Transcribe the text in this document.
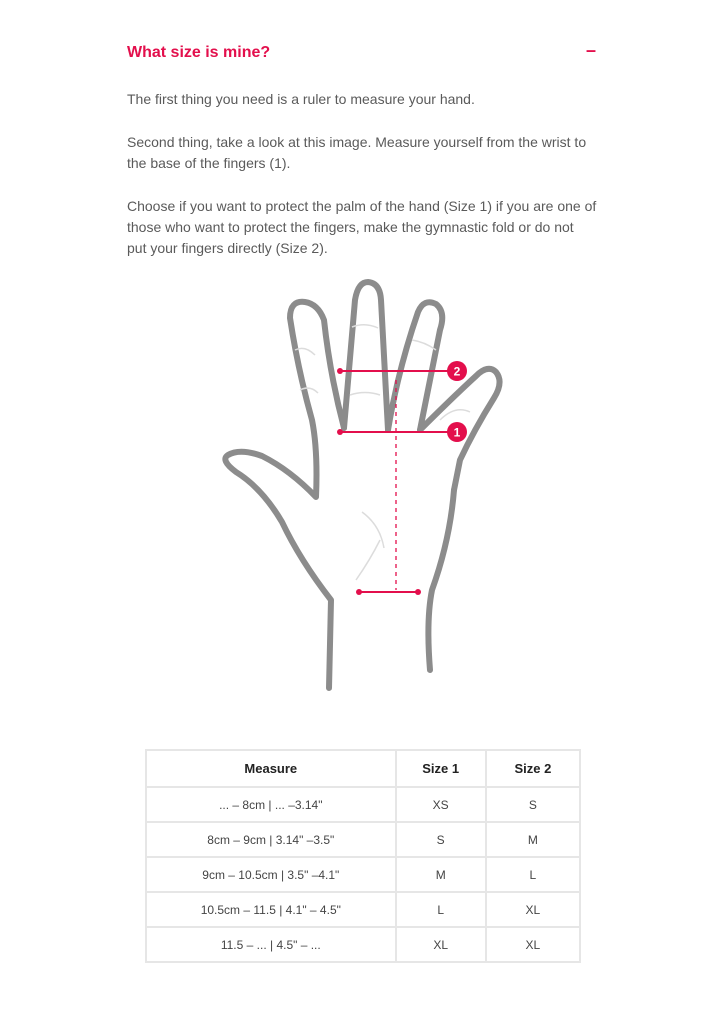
What size is mine?	–

The first thing you need is a ruler to measure your hand.

Second thing, take a look at this image. Measure yourself from the wrist to the base of the fingers (1).

Choose if you want to protect the palm of the hand (Size 1) if you are one of those who want to protect the fingers, make the gymnastic fold or do not put your fingers directly (Size 2).

2
1
Measure	Size 1	Size 2
... – 8cm | ... –3.14"	XS	S
8cm – 9cm | 3.14" –3.5"	S	M
9cm – 10.5cm | 3.5" –4.1"	M	L
10.5cm – 11.5 | 4.1" – 4.5"	L	XL
11.5 – ... | 4.5" – ...	XL	XL
